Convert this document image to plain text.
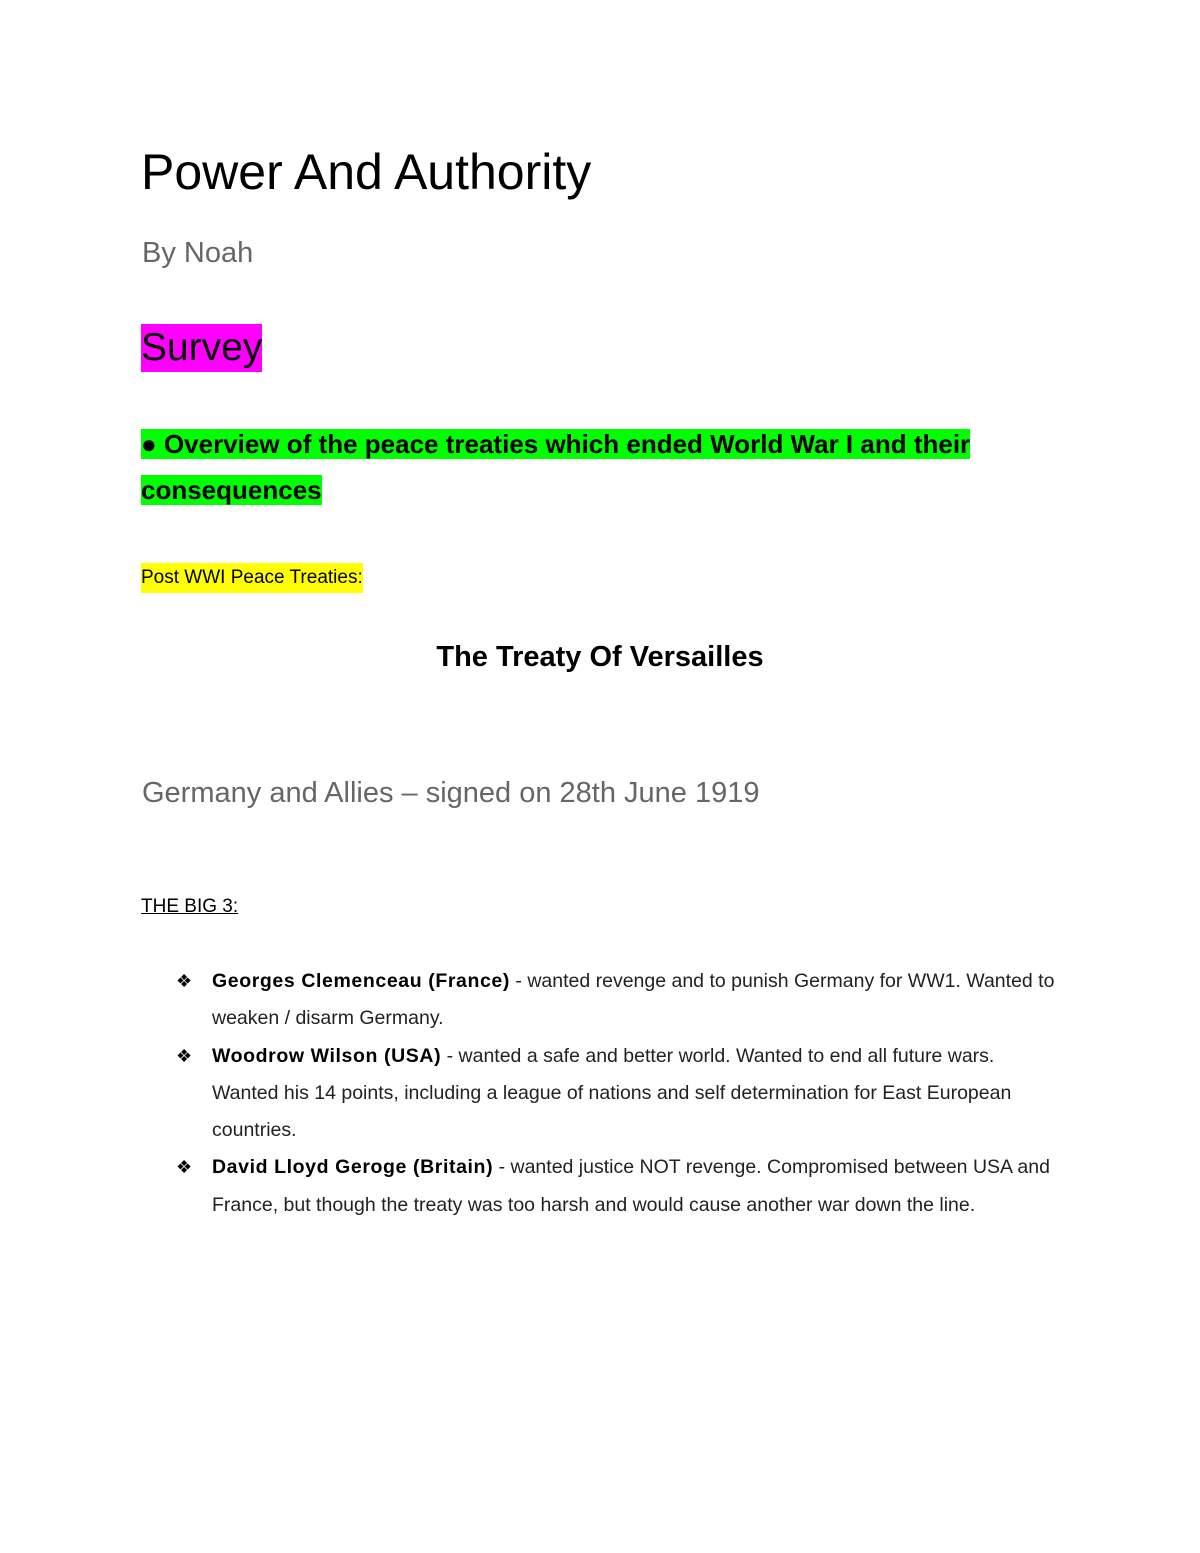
Power And Authority
By Noah
Survey
● Overview of the peace treaties which ended World War I and their
consequences
Post WWI Peace Treaties:
The Treaty Of Versailles
Germany and Allies – signed on 28th June 1919
THE BIG 3:
❖ Georges Clemenceau (France) - wanted revenge and to punish Germany for WW1. Wanted to weaken / disarm Germany.
❖ Woodrow Wilson (USA) - wanted a safe and better world. Wanted to end all future wars. Wanted his 14 points, including a league of nations and self determination for East European countries.
❖ David Lloyd Geroge (Britain) - wanted justice NOT revenge. Compromised between USA and France, but though the treaty was too harsh and would cause another war down the line.
